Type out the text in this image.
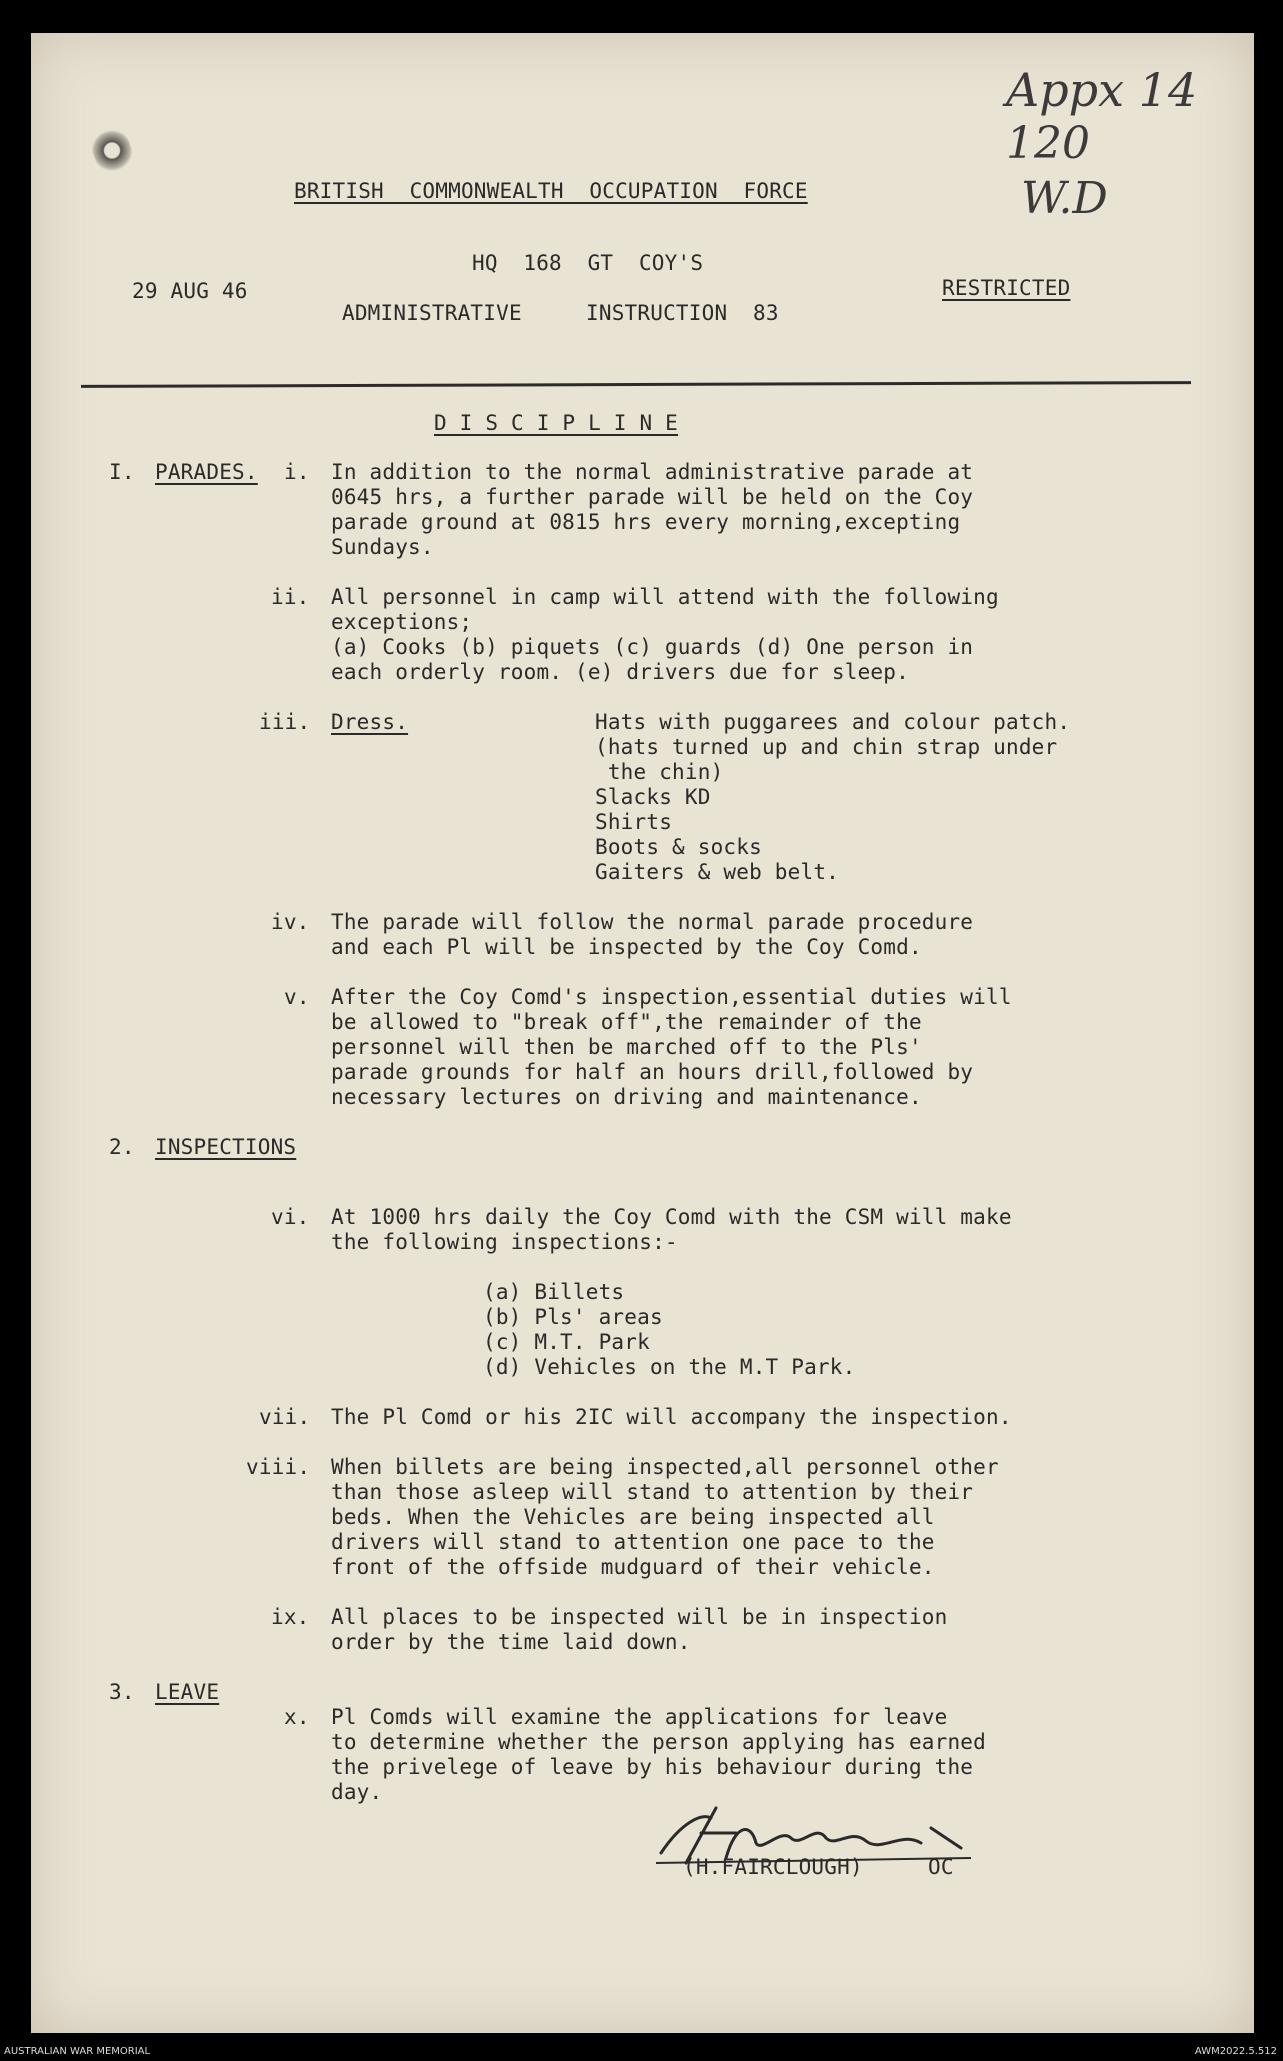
Appx 14
120
W.D
BRITISH  COMMONWEALTH  OCCUPATION  FORCE
HQ  168  GT  COY'S
29 AUG 46	RESTRICTED
ADMINISTRATIVE     INSTRUCTION  83
D I S C I P L I N E
I. PARADES. i. In addition to the normal administrative parade at
0645 hrs, a further parade will be held on the Coy
parade ground at 0815 hrs every morning,excepting
Sundays.
ii. All personnel in camp will attend with the following
exceptions;
(a) Cooks (b) piquets (c) guards (d) One person in
each orderly room. (e) drivers due for sleep.
iii. Dress.	Hats with puggarees and colour patch.
(hats turned up and chin strap under
the chin)
Slacks KD
Shirts
Boots & socks
Gaiters & web belt.
iv. The parade will follow the normal parade procedure
and each Pl will be inspected by the Coy Comd.
v. After the Coy Comd's inspection,essential duties will
be allowed to "break off",the remainder of the
personnel will then be marched off to the Pls'
parade grounds for half an hours drill,followed by
necessary lectures on driving and maintenance.
2. INSPECTIONS
vi. At 1000 hrs daily the Coy Comd with the CSM will make
the following inspections:-
(a) Billets
(b) Pls' areas
(c) M.T. Park
(d) Vehicles on the M.T Park.
vii. The Pl Comd or his 2IC will accompany the inspection.
viii. When billets are being inspected,all personnel other
than those asleep will stand to attention by their
beds. When the Vehicles are being inspected all
drivers will stand to attention one pace to the
front of the offside mudguard of their vehicle.
ix. All places to be inspected will be in inspection
order by the time laid down.
3. LEAVE
x. Pl Comds will examine the applications for leave
to determine whether the person applying has earned
the privelege of leave by his behaviour during the
day.
(H.FAIRCLOUGH)	OC
AUSTRALIAN WAR MEMORIAL	AWM2022.5.512
